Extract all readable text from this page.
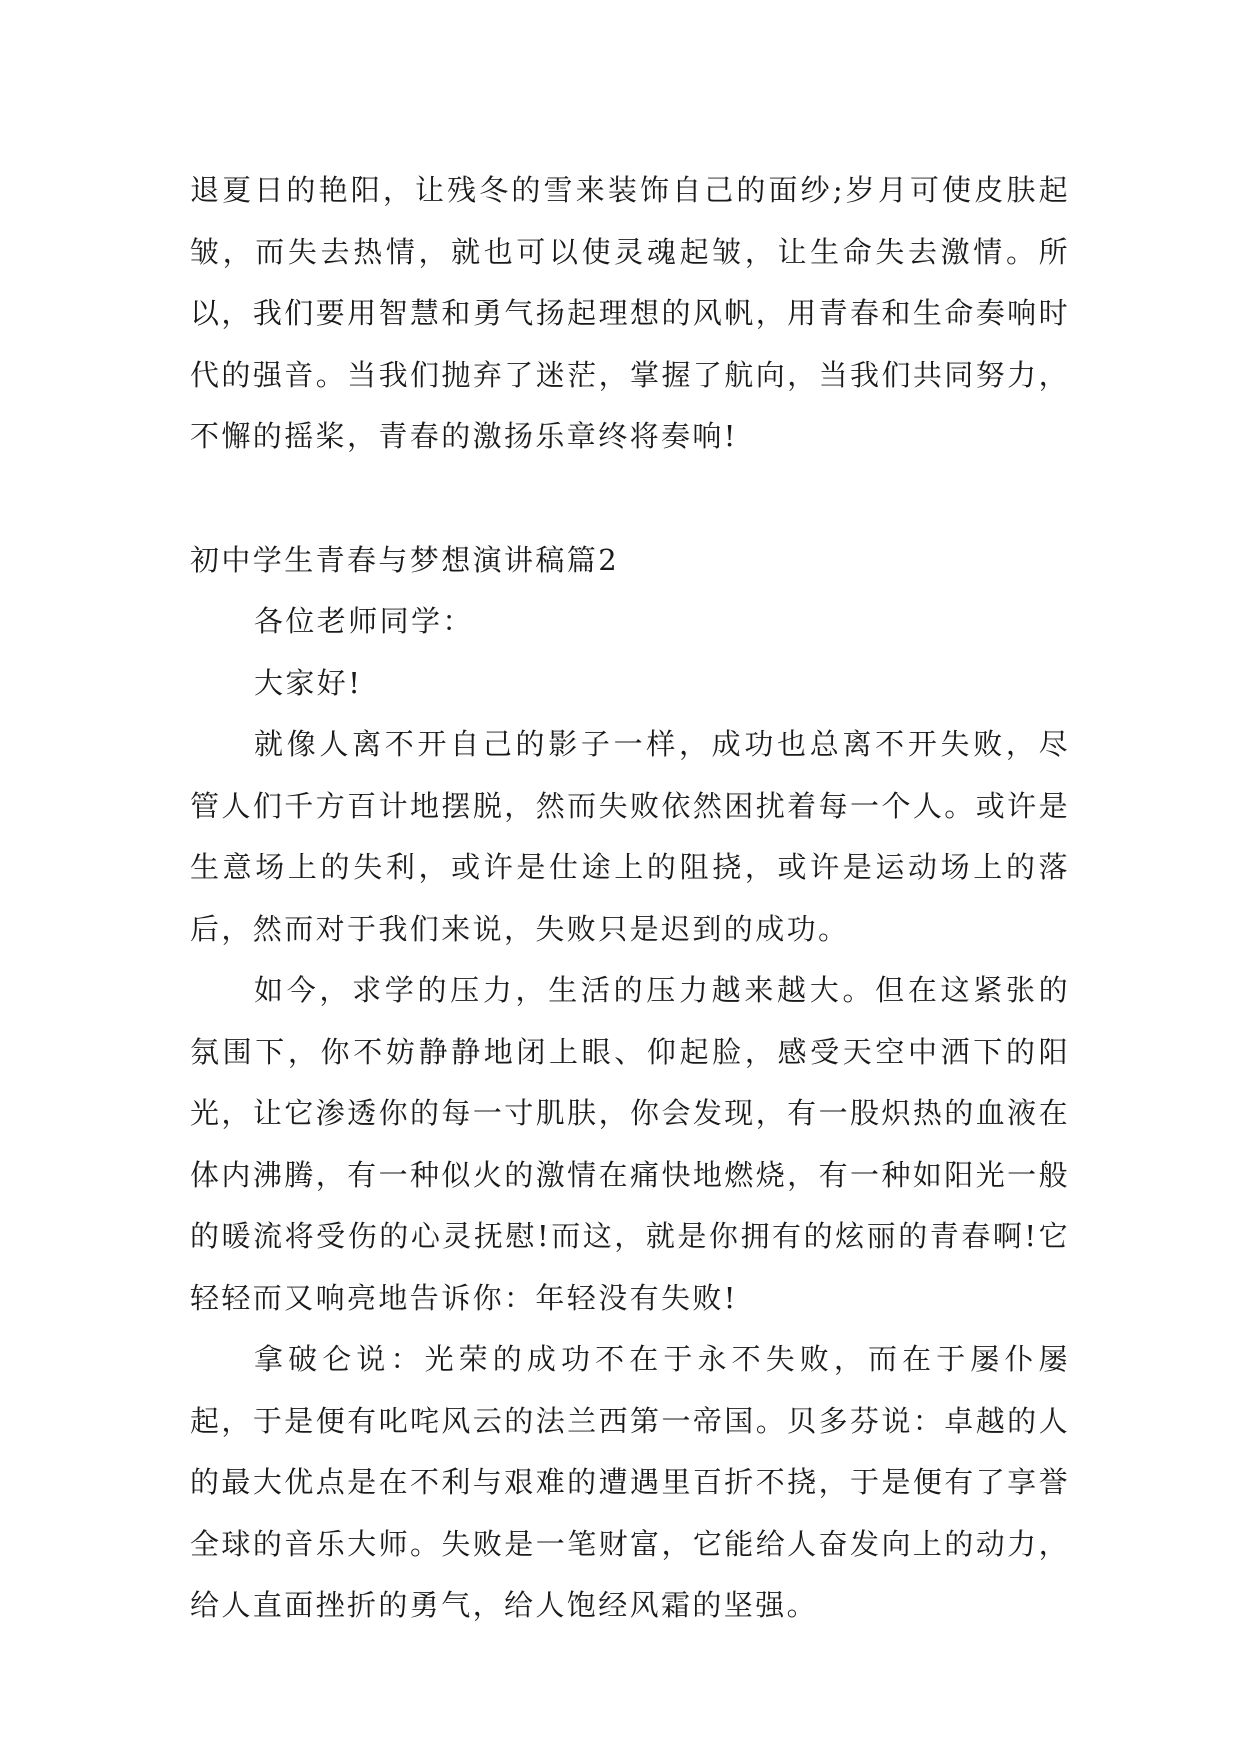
退夏日的艳阳，让残冬的雪来装饰自己的面纱;岁月可使皮肤起皱，而失去热情，就也可以使灵魂起皱，让生命失去激情。所以，我们要用智慧和勇气扬起理想的风帆，用青春和生命奏响时代的强音。当我们抛弃了迷茫，掌握了航向，当我们共同努力，不懈的摇桨，青春的激扬乐章终将奏响!

初中学生青春与梦想演讲稿篇2

各位老师同学：

大家好!

就像人离不开自己的影子一样，成功也总离不开失败，尽管人们千方百计地摆脱，然而失败依然困扰着每一个人。或许是生意场上的失利，或许是仕途上的阻挠，或许是运动场上的落后，然而对于我们来说，失败只是迟到的成功。

如今，求学的压力，生活的压力越来越大。但在这紧张的氛围下，你不妨静静地闭上眼、仰起脸，感受天空中洒下的阳光，让它渗透你的每一寸肌肤，你会发现，有一股炽热的血液在体内沸腾，有一种似火的激情在痛快地燃烧，有一种如阳光一般的暖流将受伤的心灵抚慰!而这，就是你拥有的炫丽的青春啊!它轻轻而又响亮地告诉你：年轻没有失败!

拿破仑说：光荣的成功不在于永不失败，而在于屡仆屡起，于是便有叱咤风云的法兰西第一帝国。贝多芬说：卓越的人的最大优点是在不利与艰难的遭遇里百折不挠，于是便有了享誉全球的音乐大师。失败是一笔财富，它能给人奋发向上的动力，给人直面挫折的勇气，给人饱经风霜的坚强。
